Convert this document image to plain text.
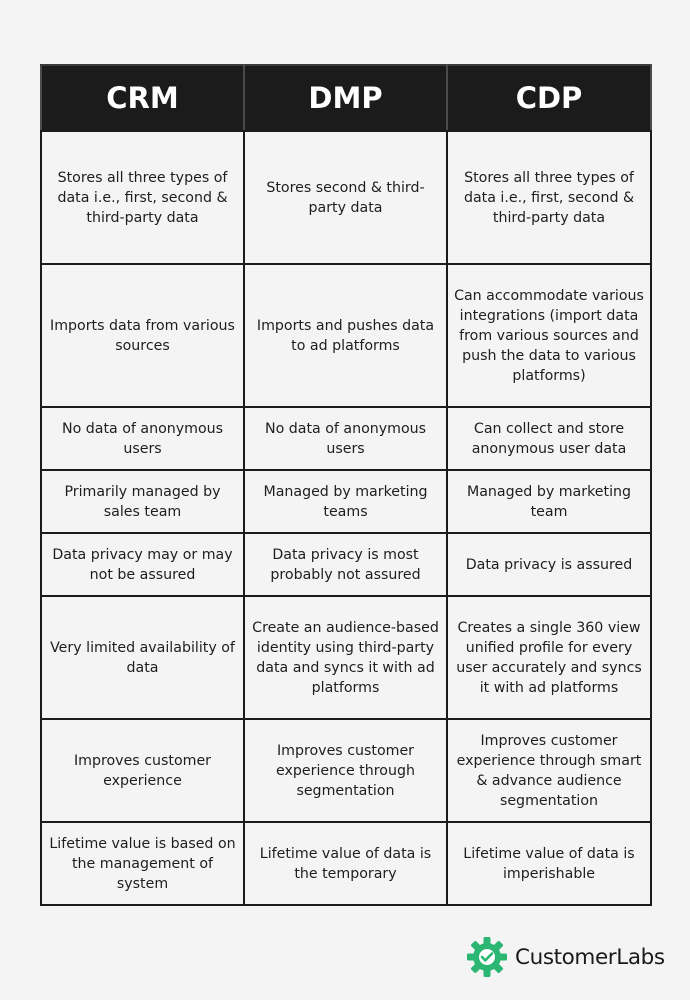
CRM	DMP	CDP
Stores all three types of data i.e., first, second & third-party data	Stores second & third-party data	Stores all three types of data i.e., first, second & third-party data
Imports data from various sources	Imports and pushes data to ad platforms	Can accommodate various integrations (import data from various sources and push the data to various platforms)
No data of anonymous users	No data of anonymous users	Can collect and store anonymous user data
Primarily managed by sales team	Managed by marketing teams	Managed by marketing team
Data privacy may or may not be assured	Data privacy is most probably not assured	Data privacy is assured
Very limited availability of data	Create an audience-based identity using third-party data and syncs it with ad platforms	Creates a single 360 view unified profile for every user accurately and syncs it with ad platforms
Improves customer experience	Improves customer experience through segmentation	Improves customer experience through smart & advance audience segmentation
Lifetime value is based on the management of system	Lifetime value of data is the temporary	Lifetime value of data is imperishable
CustomerLabs
